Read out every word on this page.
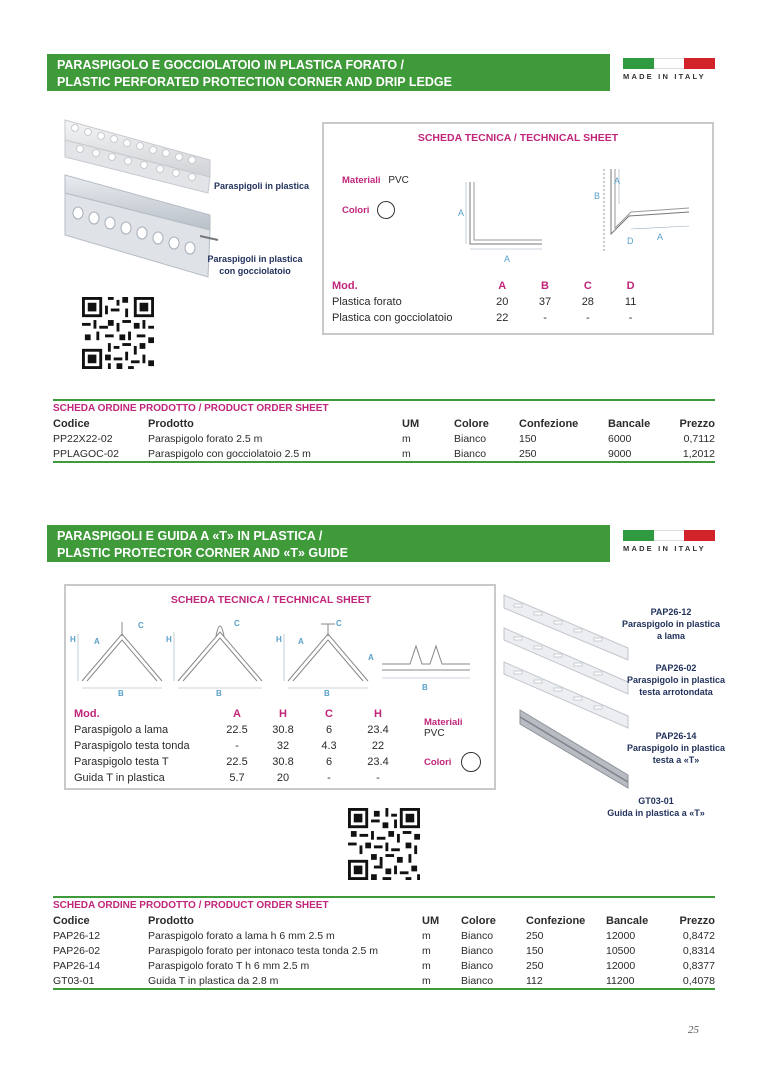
PARASPIGOLO E GOCCIOLATOIO IN PLASTICA FORATO /
PLASTIC PERFORATED PROTECTION CORNER AND DRIP LEDGE	MADE IN ITALY
Paraspigoli in plastica
Paraspigoli in plastica
con gocciolatoio
SCHEDA TECNICA / TECHNICAL SHEET
Materiali PVC
Colori	A
A
A
B
D	A
Mod.	A	B	C	D
Plastica forato	20	37	28	11
Plastica con gocciolatoio	22	-	-	-
SCHEDA ORDINE PRODOTTO / PRODUCT ORDER SHEET
Codice	Prodotto	UM	Colore	Confezione	Bancale	Prezzo
PP22X22-02	Paraspigolo forato 2.5 m	m	Bianco	150	6000	0,7112
PPLAGOC-02	Paraspigolo con gocciolatoio 2.5 m	m	Bianco	250	9000	1,2012
PARASPIGOLI E GUIDA A «T» IN PLASTICA /
PLASTIC PROTECTOR CORNER AND «T» GUIDE	MADE IN ITALY
SCHEDA TECNICA / TECHNICAL SHEET
H A
C
B
H
C
B
H A
C
B
A
B
Mod.	A	H	C	H
Paraspigolo a lama	22.5	30.8	6	23.4
Paraspigolo testa tonda	-	32	4.3	22
Paraspigolo testa T	22.5	30.8	6	23.4
Guida T in plastica	5.7	20	-	-
Materiali
PVC
Colori
PAP26-12
Paraspigolo in plastica
a lama
PAP26-02
Paraspigolo in plastica
testa arrotondata
PAP26-14
Paraspigolo in plastica
testa a «T»
GT03-01
Guida in plastica a «T»
SCHEDA ORDINE PRODOTTO / PRODUCT ORDER SHEET
Codice	Prodotto	UM	Colore	Confezione	Bancale	Prezzo
PAP26-12	Paraspigolo forato a lama h 6 mm 2.5 m	m	Bianco	250	12000	0,8472
PAP26-02	Paraspigolo forato per intonaco testa tonda 2.5 m	m	Bianco	150	10500	0,8314
PAP26-14	Paraspigolo forato T h 6 mm 2.5 m	m	Bianco	250	12000	0,8377
GT03-01	Guida T in plastica da 2.8 m	m	Bianco	112	11200	0,4078
25
